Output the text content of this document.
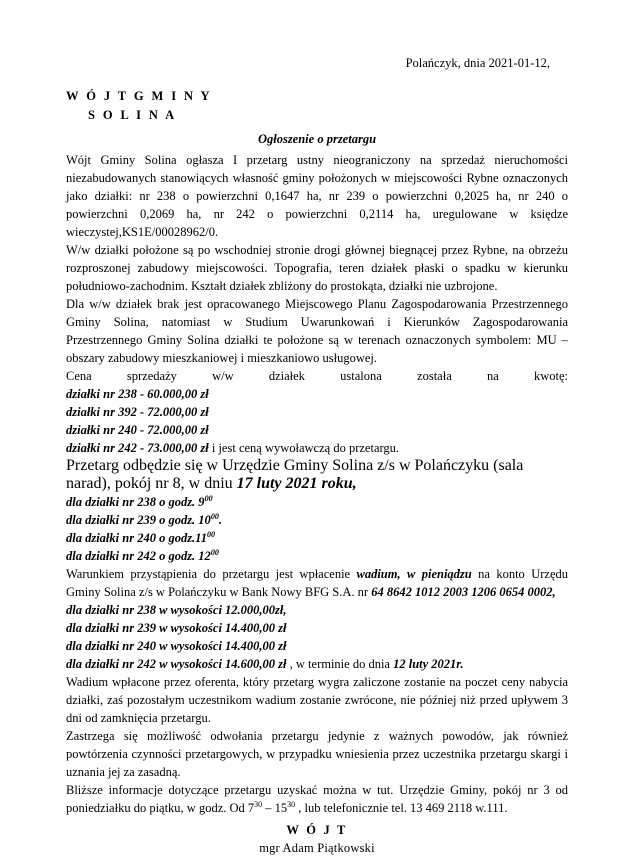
Polańczyk, dnia 2021-01-12,
W Ó J T G M I N Y
S O L I N A
Ogłoszenie o przetargu

Wójt Gminy Solina ogłasza I przetarg ustny nieograniczony na sprzedaż nieruchomości niezabudowanych stanowiących własność gminy położonych w miejscowości Rybne oznaczonych jako działki: nr 238 o powierzchni 0,1647 ha, nr 239 o powierzchni 0,2025 ha, nr 240 o powierzchni 0,2069 ha, nr 242 o powierzchni 0,2114 ha, uregulowane w księdze wieczystej,KS1E/00028962/0.

W/w działki położone są po wschodniej stronie drogi głównej biegnącej przez Rybne, na obrzeżu rozproszonej zabudowy miejscowości. Topografia, teren działek płaski o spadku w kierunku południowo-zachodnim. Kształt działek zbliżony do prostokąta, działki nie uzbrojone.

Dla w/w działek brak jest opracowanego Miejscowego Planu Zagospodarowania Przestrzennego Gminy Solina, natomiast w Studium Uwarunkowań i Kierunków Zagospodarowania Przestrzennego Gminy Solina działki te położone są w terenach oznaczonych symbolem: MU –obszary zabudowy mieszkaniowej i mieszkaniowo usługowej.

Cena sprzedaży w/w działek ustalona została na kwotę:
działki nr 238 - 60.000,00 zł
działki nr 392 - 72.000,00 zł
działki nr 240 - 72.000,00 zł
działki nr 242 - 73.000,00 zł i jest ceną wywoławczą do przetargu.
Przetarg odbędzie się w Urzędzie Gminy Solina z/s w Polańczyku (sala narad), pokój nr 8, w dniu 17 luty 2021 roku,
dla działki nr 238 o godz. $9^{00}$
dla działki nr 239 o godz. $10^{00}$.
dla działki nr 240 o $godz.11^{00}$
dla działki nr 242 o godz. $12^{00}$

Warunkiem przystąpienia do przetargu jest wpłacenie wadium, w pieniądzu na konto Urzędu Gminy Solina z/s w Polańczyku w Bank Nowy BFG S.A. nr 64 8642 1012 2003 1206 0654 0002,

dla działki nr 238 w wysokości 12.000,00zł,
dla działki nr 239 w wysokości 14.400,00 zł
dla działki nr 240 w wysokości 14.400,00 zł
dla działki nr 242 w wysokości 14.600,00 zł , w terminie do dnia 12 luty 2021r.

Wadium wpłacone przez oferenta, który przetarg wygra zaliczone zostanie na poczet ceny nabycia działki, zaś pozostałym uczestnikom wadium zostanie zwrócone, nie później niż przed upływem 3 dni od zamknięcia przetargu.

Zastrzega się możliwość odwołania przetargu jedynie z ważnych powodów, jak również powtórzenia czynności przetargowych, w przypadku wniesienia przez uczestnika przetargu skargi i uznania jej za zasadną.

Bliższe informacje dotyczące przetargu uzyskać można w tut. Urzędzie Gminy, pokój nr 3 od poniedziałku do piątku, w godz. Od $7^{30} - 15^{30}$ , lub telefonicznie tel. 13 469 2118 w.111.

W Ó J T
mgr Adam Piątkowski
